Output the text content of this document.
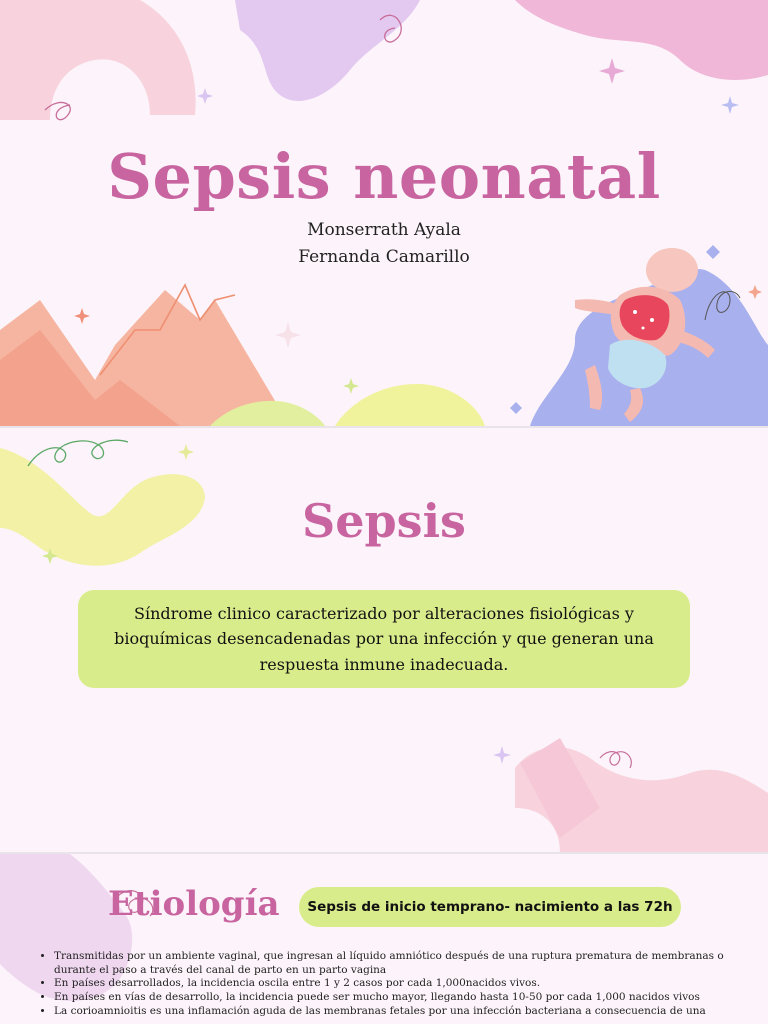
Sepsis neonatal
Monserrath Ayala
Fernanda Camarillo
Sepsis
Síndrome clinico caracterizado por alteraciones fisiológicas y bioquímicas desencadenadas por una infección y que generan una respuesta inmune inadecuada.
Etiología	Sepsis de inicio temprano- nacimiento a las 72h
• Transmitidas por un ambiente vaginal, que ingresan al líquido amniótico después de una ruptura prematura de membranas o durante el paso a través del canal de parto en un parto vagina
• En países desarrollados, la incidencia oscila entre 1 y 2 casos por cada 1,000nacidos vivos.
• En países en vías de desarrollo, la incidencia puede ser mucho mayor, llegando hasta 10-50 por cada 1,000 nacidos vivos
• La corioamnioitis es una inflamación aguda de las membranas fetales por una infección bacteriana a consecuencia de una
